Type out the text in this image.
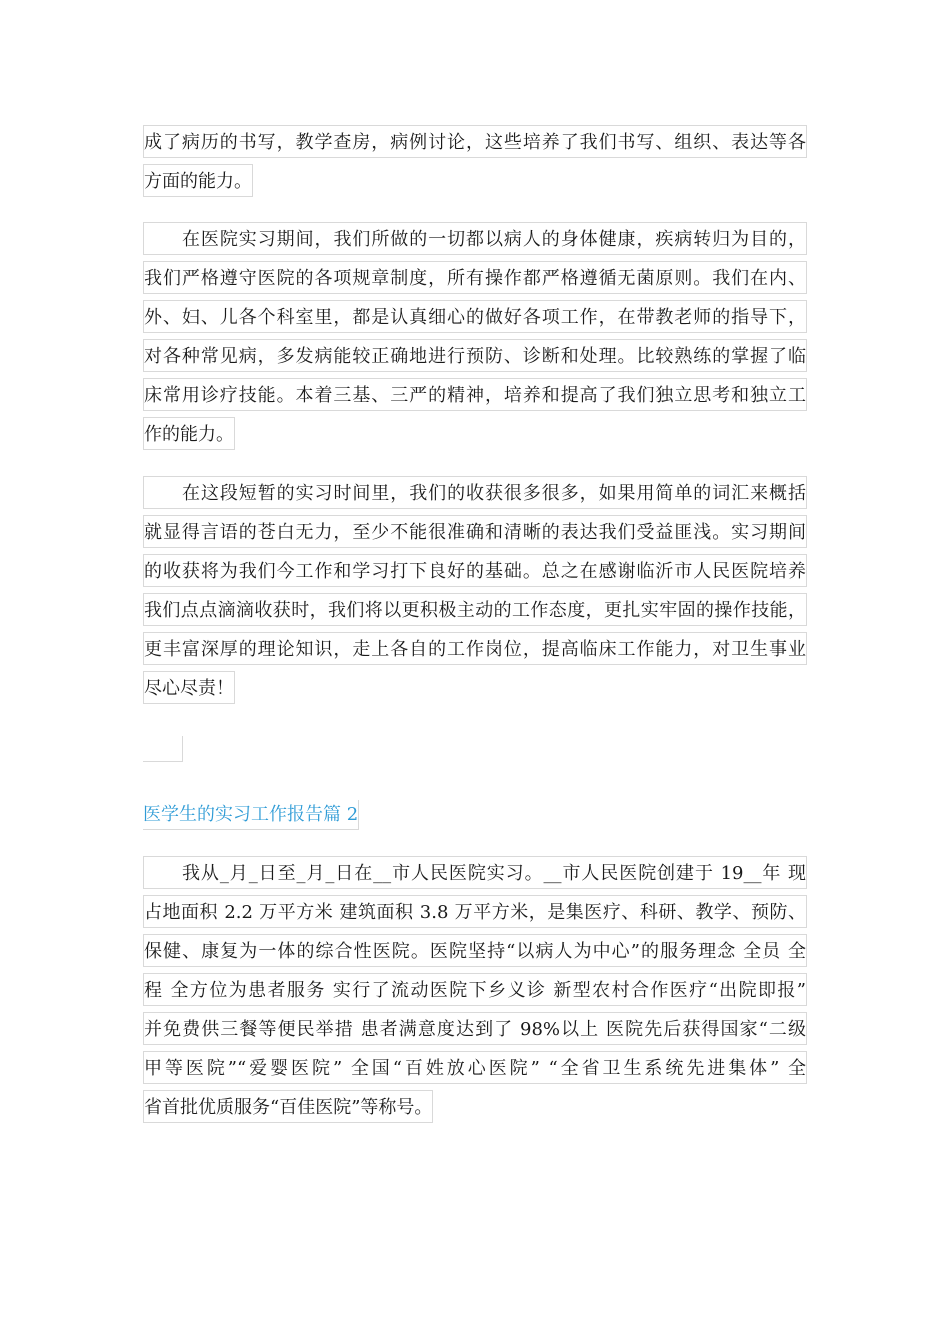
成了病历的书写，教学查房，病例讨论，这些培养了我们书写、组织、表达等各
方面的能力。
在医院实习期间，我们所做的一切都以病人的身体健康，疾病转归为目的，
我们严格遵守医院的各项规章制度，所有操作都严格遵循无菌原则。我们在内、
外、妇、儿各个科室里，都是认真细心的做好各项工作，在带教老师的指导下，
对各种常见病，多发病能较正确地进行预防、诊断和处理。比较熟练的掌握了临
床常用诊疗技能。本着三基、三严的精神，培养和提高了我们独立思考和独立工
作的能力。
在这段短暂的实习时间里，我们的收获很多很多，如果用简单的词汇来概括
就显得言语的苍白无力，至少不能很准确和清晰的表达我们受益匪浅。实习期间
的收获将为我们今工作和学习打下良好的基础。总之在感谢临沂市人民医院培养
我们点点滴滴收获时，我们将以更积极主动的工作态度，更扎实牢固的操作技能，
更丰富深厚的理论知识，走上各自的工作岗位，提高临床工作能力，对卫生事业
尽心尽责！
医学生的实习工作报告篇 2
我从_月_日至_月_日在__市人民医院实习。__市人民医院创建于 19__年 现
占地面积 2.2 万平方米 建筑面积 3.8 万平方米，是集医疗、科研、教学、预防、
保健、康复为一体的综合性医院。医院坚持“以病人为中心”的服务理念 全员 全
程 全方位为患者服务 实行了流动医院下乡义诊 新型农村合作医疗“出院即报”
并免费供三餐等便民举措 患者满意度达到了 98%以上 医院先后获得国家“二级
甲等医院”“爱婴医院” 全国“百姓放心医院” “全省卫生系统先进集体” 全
省首批优质服务“百佳医院”等称号。
